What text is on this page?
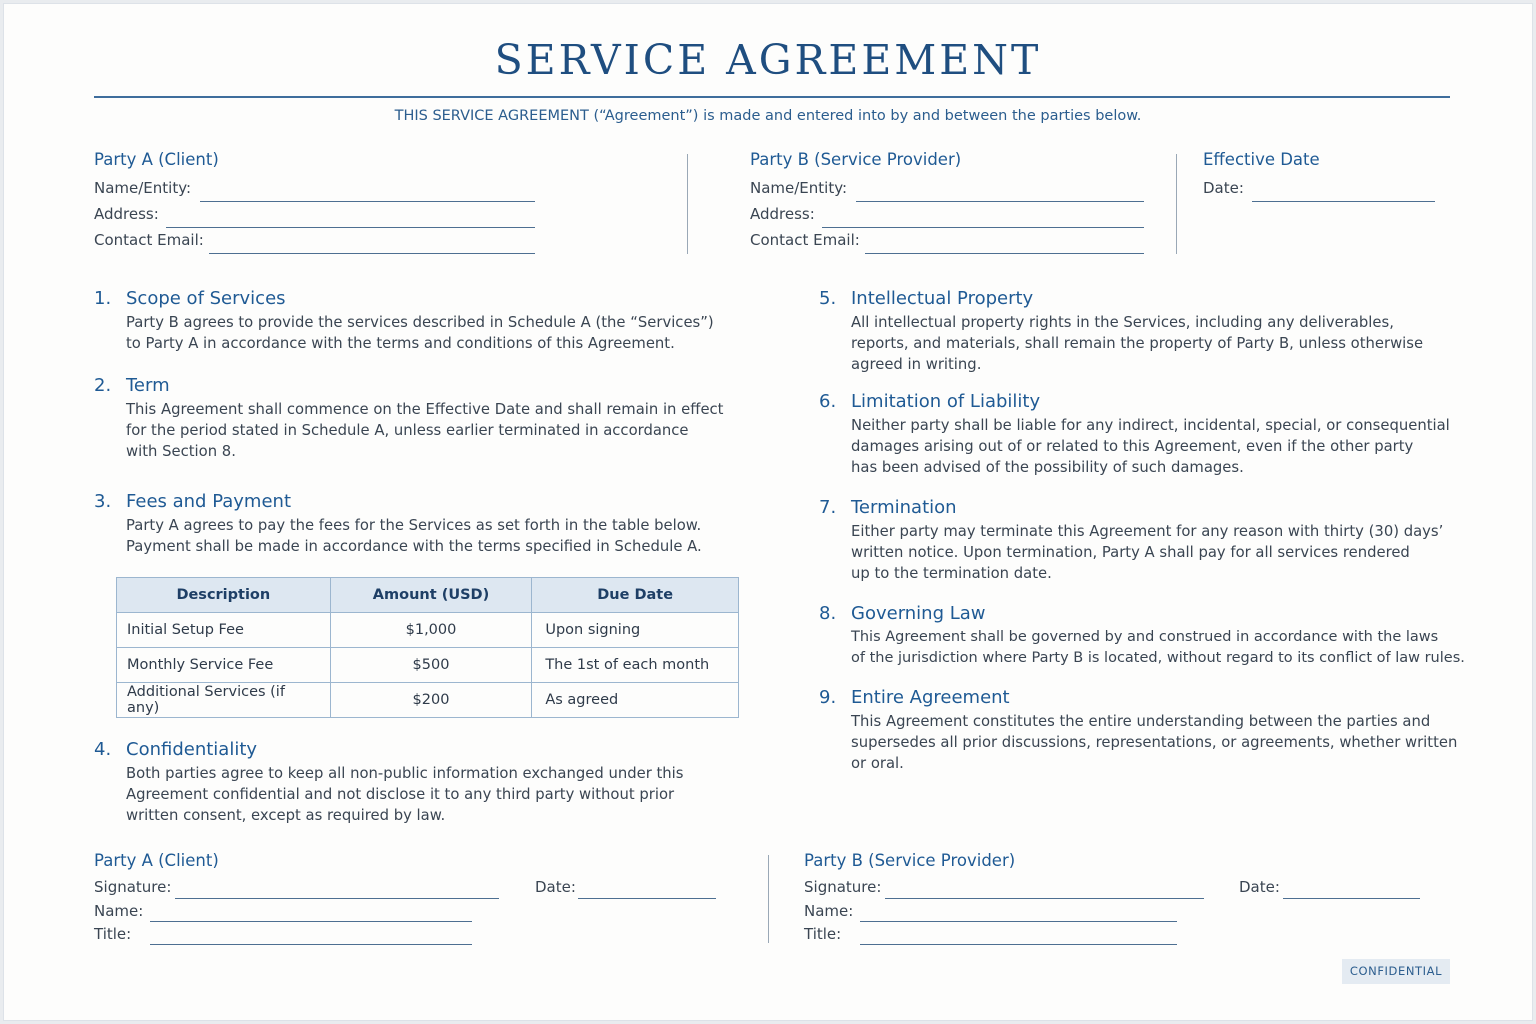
SERVICE AGREEMENT
THIS SERVICE AGREEMENT (“Agreement”) is made and entered into by and between the parties below.
Party A (Client)
Name/Entity:
Address:
Contact Email:
Party B (Service Provider)
Name/Entity:
Address:
Contact Email:
Effective Date
Date:
1. Scope of Services
Party B agrees to provide the services described in Schedule A (the “Services”)
to Party A in accordance with the terms and conditions of this Agreement.
2. Term
This Agreement shall commence on the Effective Date and shall remain in effect
for the period stated in Schedule A, unless earlier terminated in accordance
with Section 8.
3. Fees and Payment
Party A agrees to pay the fees for the Services as set forth in the table below.
Payment shall be made in accordance with the terms specified in Schedule A.
Description	Amount (USD)	Due Date
Initial Setup Fee	$1,000	Upon signing
Monthly Service Fee	$500	The 1st of each month
Additional Services (if any)	$200	As agreed
4. Confidentiality
Both parties agree to keep all non-public information exchanged under this
Agreement confidential and not disclose it to any third party without prior
written consent, except as required by law.
5. Intellectual Property
All intellectual property rights in the Services, including any deliverables,
reports, and materials, shall remain the property of Party B, unless otherwise
agreed in writing.
6. Limitation of Liability
Neither party shall be liable for any indirect, incidental, special, or consequential
damages arising out of or related to this Agreement, even if the other party
has been advised of the possibility of such damages.
7. Termination
Either party may terminate this Agreement for any reason with thirty (30) days’
written notice. Upon termination, Party A shall pay for all services rendered
up to the termination date.
8. Governing Law
This Agreement shall be governed by and construed in accordance with the laws
of the jurisdiction where Party B is located, without regard to its conflict of law rules.
9. Entire Agreement
This Agreement constitutes the entire understanding between the parties and
supersedes all prior discussions, representations, or agreements, whether written
or oral.
Party A (Client)
Signature:	Date:
Name:
Title:
Party B (Service Provider)
Signature:	Date:
Name:
Title:
CONFIDENTIAL
